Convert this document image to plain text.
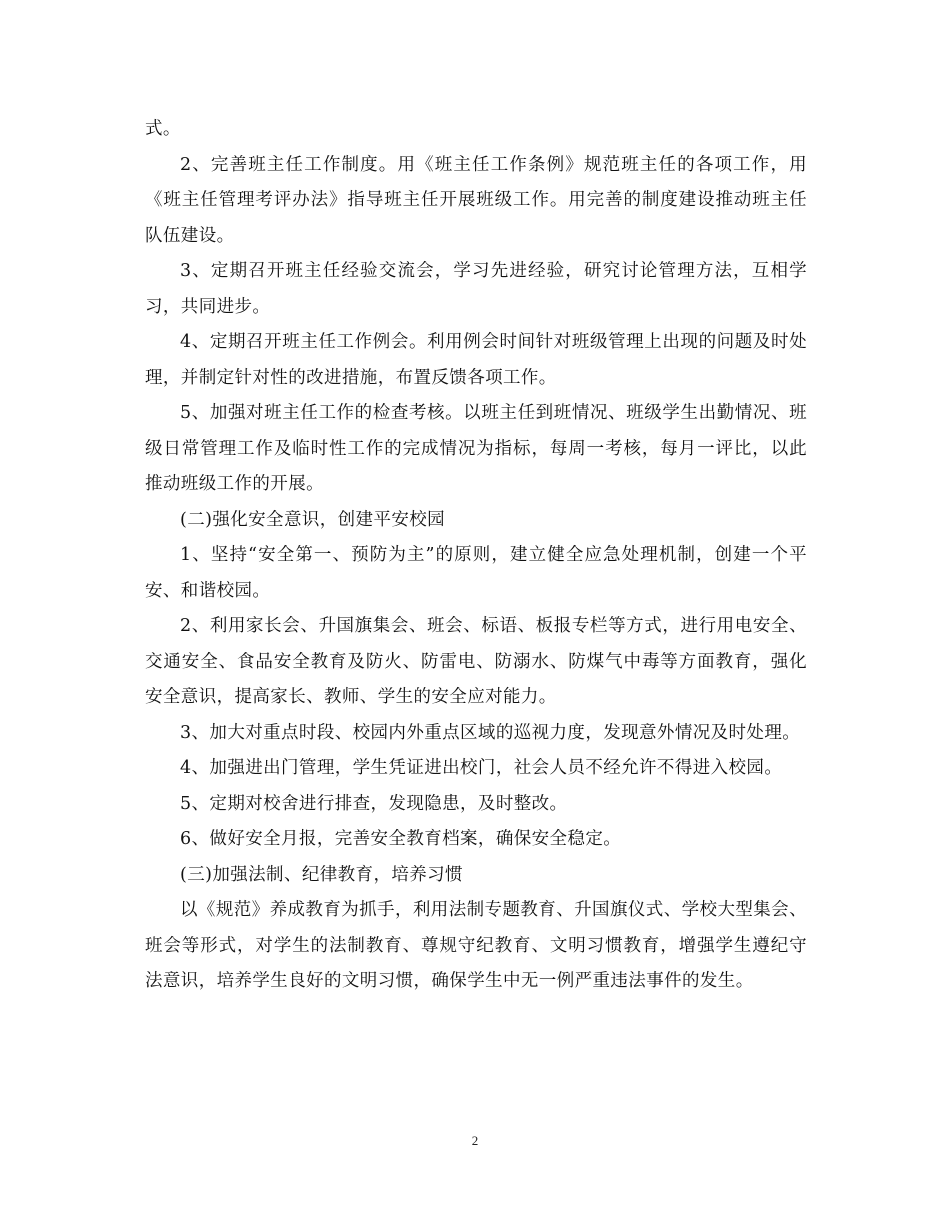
式。

2、完善班主任工作制度。用《班主任工作条例》规范班主任的各项工作，用《班主任管理考评办法》指导班主任开展班级工作。用完善的制度建设推动班主任队伍建设。

3、定期召开班主任经验交流会，学习先进经验，研究讨论管理方法，互相学习，共同进步。

4、定期召开班主任工作例会。利用例会时间针对班级管理上出现的问题及时处理，并制定针对性的改进措施，布置反馈各项工作。

5、加强对班主任工作的检查考核。以班主任到班情况、班级学生出勤情况、班级日常管理工作及临时性工作的完成情况为指标，每周一考核，每月一评比，以此推动班级工作的开展。

(二)强化安全意识，创建平安校园

1、坚持“安全第一、预防为主”的原则，建立健全应急处理机制，创建一个平安、和谐校园。

2、利用家长会、升国旗集会、班会、标语、板报专栏等方式，进行用电安全、交通安全、食品安全教育及防火、防雷电、防溺水、防煤气中毒等方面教育，强化安全意识，提高家长、教师、学生的安全应对能力。

3、加大对重点时段、校园内外重点区域的巡视力度，发现意外情况及时处理。

4、加强进出门管理，学生凭证进出校门，社会人员不经允许不得进入校园。

5、定期对校舍进行排查，发现隐患，及时整改。

6、做好安全月报，完善安全教育档案，确保安全稳定。

(三)加强法制、纪律教育，培养习惯

以《规范》养成教育为抓手，利用法制专题教育、升国旗仪式、学校大型集会、班会等形式，对学生的法制教育、尊规守纪教育、文明习惯教育，增强学生遵纪守法意识，培养学生良好的文明习惯，确保学生中无一例严重违法事件的发生。

2
